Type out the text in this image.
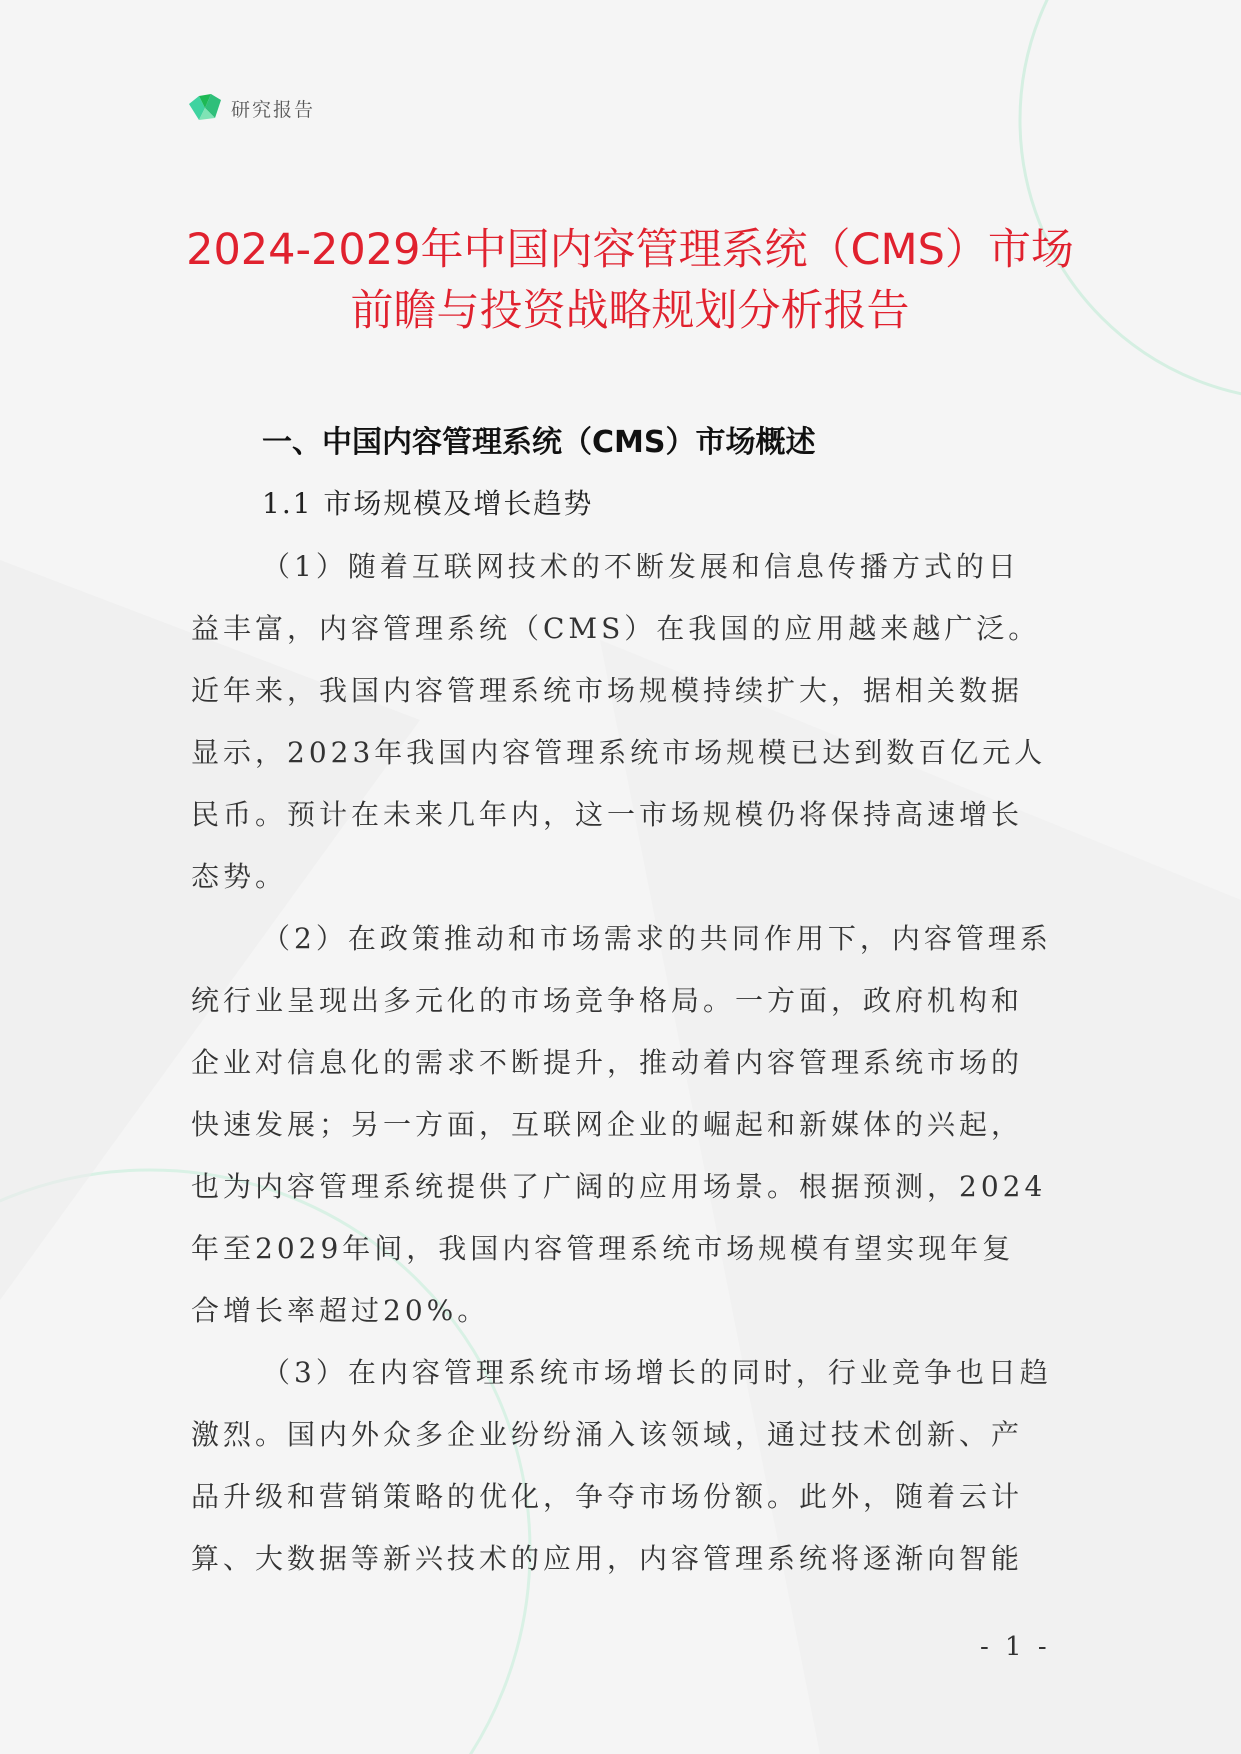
研究报告
2024-2029年中国内容管理系统（CMS）市场
前瞻与投资战略规划分析报告
一、中国内容管理系统（CMS）市场概述
1.1 市场规模及增长趋势
（1）随着互联网技术的不断发展和信息传播方式的日
益丰富，内容管理系统（CMS）在我国的应用越来越广泛。
近年来，我国内容管理系统市场规模持续扩大，据相关数据
显示，2023年我国内容管理系统市场规模已达到数百亿元人
民币。预计在未来几年内，这一市场规模仍将保持高速增长
态势。
（2）在政策推动和市场需求的共同作用下，内容管理系
统行业呈现出多元化的市场竞争格局。一方面，政府机构和
企业对信息化的需求不断提升，推动着内容管理系统市场的
快速发展；另一方面，互联网企业的崛起和新媒体的兴起，
也为内容管理系统提供了广阔的应用场景。根据预测，2024
年至2029年间，我国内容管理系统市场规模有望实现年复
合增长率超过20%。
（3）在内容管理系统市场增长的同时，行业竞争也日趋
激烈。国内外众多企业纷纷涌入该领域，通过技术创新、产
品升级和营销策略的优化，争夺市场份额。此外，随着云计
算、大数据等新兴技术的应用，内容管理系统将逐渐向智能
- 1 -
